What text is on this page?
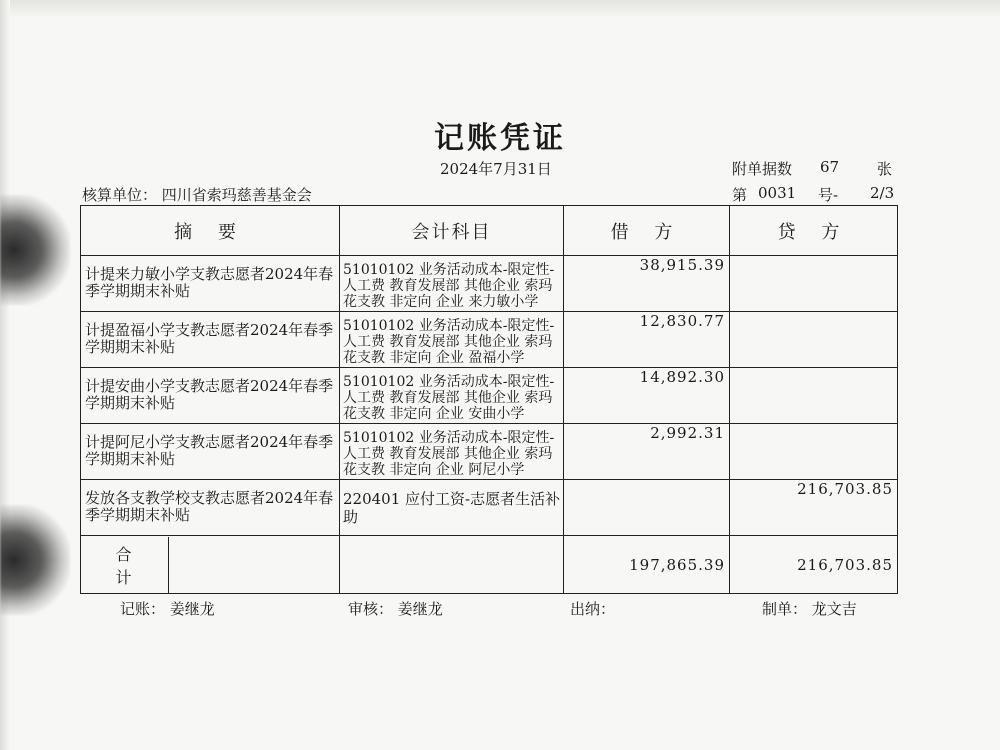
记账凭证
2024年7月31日	附单据数 67	张
核算单位： 四川省索玛慈善基金会	第 0031 号- 2/3
摘 要	会计科目	借 方	贷 方
计提来力敏小学支教志愿者2024年春季学期期末补贴	51010102 业务活动成本-限定性-人工费 教育发展部 其他企业 索玛花支教 非定向 企业 来力敏小学	38,915.39	
计提盈福小学支教志愿者2024年春季学期期末补贴	51010102 业务活动成本-限定性-人工费 教育发展部 其他企业 索玛花支教 非定向 企业 盈福小学	12,830.77	
计提安曲小学支教志愿者2024年春季学期期末补贴	51010102 业务活动成本-限定性-人工费 教育发展部 其他企业 索玛花支教 非定向 企业 安曲小学	14,892.30	
计提阿尼小学支教志愿者2024年春季学期期末补贴	51010102 业务活动成本-限定性-人工费 教育发展部 其他企业 索玛花支教 非定向 企业 阿尼小学	2,992.31	
发放各支教学校支教志愿者2024年春季学期期末补贴	220401 应付工资-志愿者生活补助		216,703.85

合 计		197,865.39	216,703.85
记账： 姜继龙	审核： 姜继龙	出纳：	制单： 龙文吉
